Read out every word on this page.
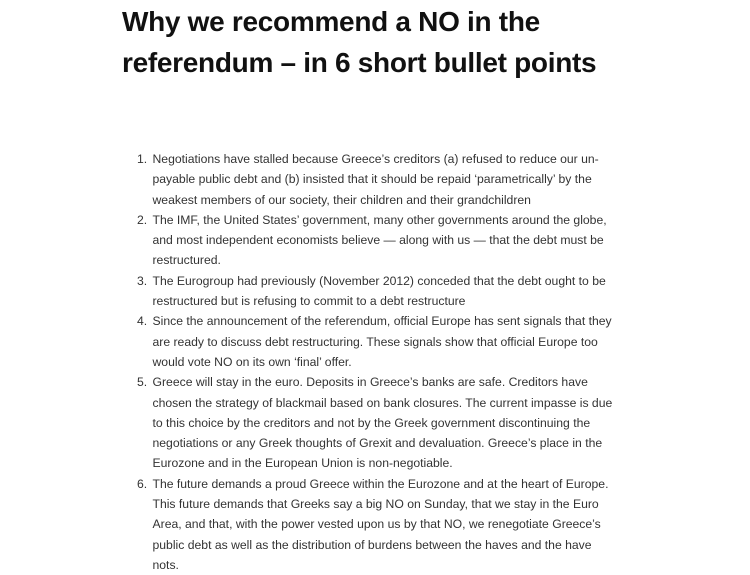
Why we recommend a NO in the referendum – in 6 short bullet points
1. Negotiations have stalled because Greece’s creditors (a) refused to reduce our un-payable public debt and (b) insisted that it should be repaid ‘parametrically’ by the weakest members of our society, their children and their grandchildren
2. The IMF, the United States’ government, many other governments around the globe, and most independent economists believe — along with us — that the debt must be restructured.
3. The Eurogroup had previously (November 2012) conceded that the debt ought to be restructured but is refusing to commit to a debt restructure
4. Since the announcement of the referendum, official Europe has sent signals that they are ready to discuss debt restructuring. These signals show that official Europe too would vote NO on its own ‘final’ offer.
5. Greece will stay in the euro. Deposits in Greece’s banks are safe. Creditors have chosen the strategy of blackmail based on bank closures. The current impasse is due to this choice by the creditors and not by the Greek government discontinuing the negotiations or any Greek thoughts of Grexit and devaluation. Greece’s place in the Eurozone and in the European Union is non-negotiable.
6. The future demands a proud Greece within the Eurozone and at the heart of Europe. This future demands that Greeks say a big NO on Sunday, that we stay in the Euro Area, and that, with the power vested upon us by that NO, we renegotiate Greece’s public debt as well as the distribution of burdens between the haves and the have nots.
